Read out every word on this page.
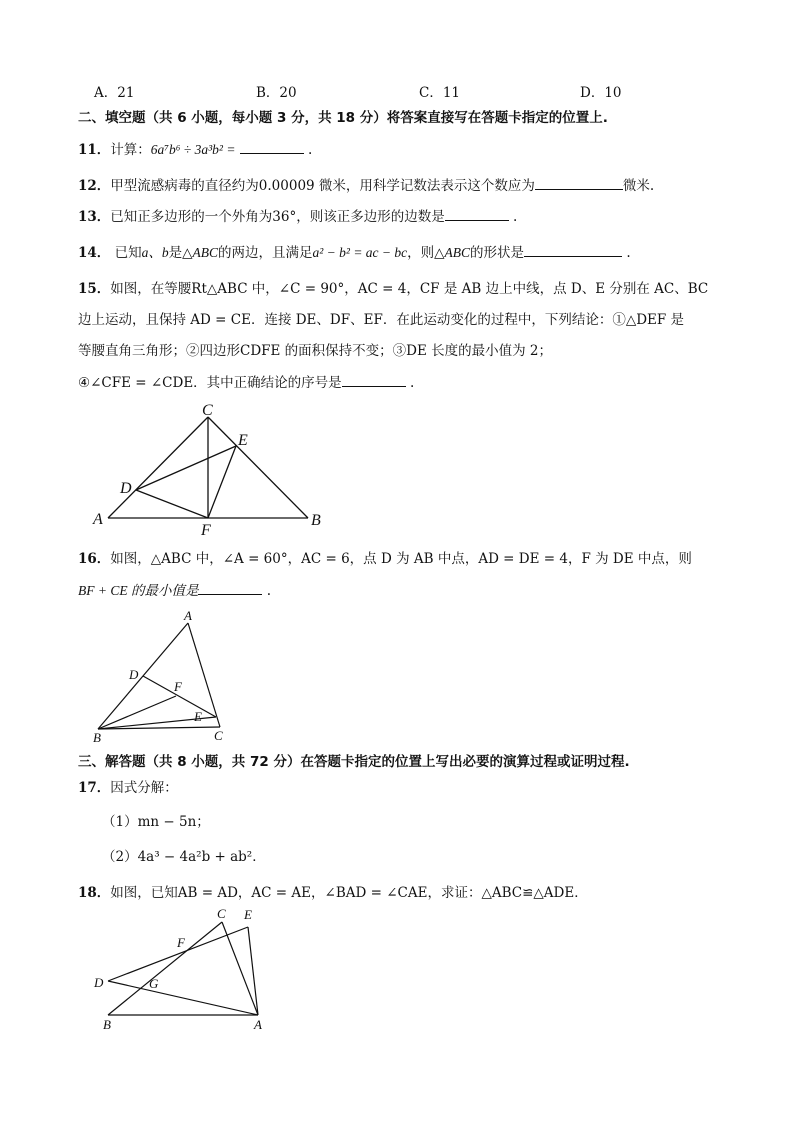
A．21	B．20	C．11	D．10
二、填空题（共 6 小题，每小题 3 分，共 18 分）将答案直接写在答题卡指定的位置上.
11．计算：6a⁷b⁶ ÷ 3a³b² =	.
12．甲型流感病毒的直径约为0.00009 微米，用科学记数法表示这个数应为	微米.
13．已知正多边形的一个外角为36°，则该正多边形的边数是	.
14． 已知a、b是△ABC的两边，且满足a² − b² = ac − bc，则△ABC的形状是	.
15．如图，在等腰Rt△ABC 中，∠C = 90°，AC = 4，CF 是 AB 边上中线，点 D、E 分别在 AC、BC
边上运动，且保持 AD = CE．连接 DE、DF、EF．在此运动变化的过程中，下列结论：①△DEF 是
等腰直角三角形；②四边形CDFE 的面积保持不变；③DE 长度的最小值为 2；
④∠CFE = ∠CDE．其中正确结论的序号是	.
A	B
C
D
E
F
16．如图，△ABC 中，∠A = 60°，AC = 6，点 D 为 AB 中点，AD = DE = 4，F 为 DE 中点，则
BF + CE 的最小值是	.
A
B	C
D
E
F
三、解答题（共 8 小题，共 72 分）在答题卡指定的位置上写出必要的演算过程或证明过程.
17．因式分解：
（1）mn − 5n；
（2）4a³ − 4a²b + ab²．
18．如图，已知AB = AD，AC = AE，∠BAD = ∠CAE，求证：△ABC≌△ADE．
A
B
C
D
E
F
G
